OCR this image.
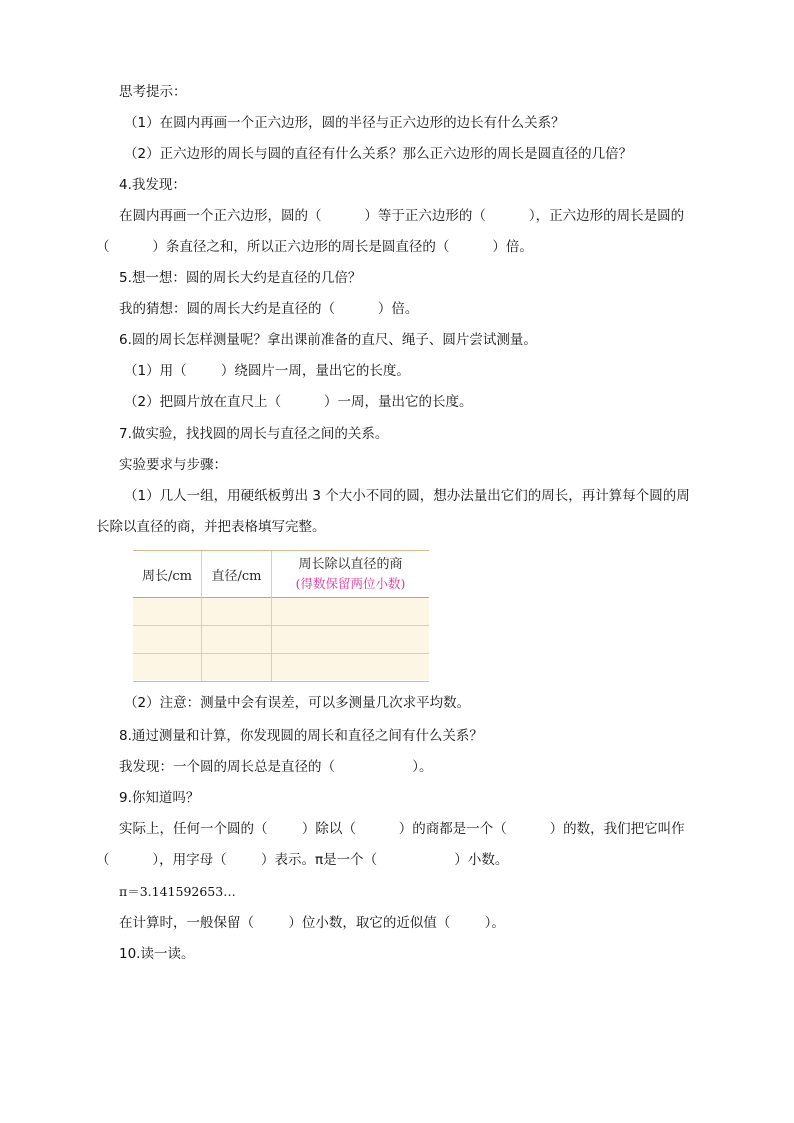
思考提示：

（1）在圆内再画一个正六边形，圆的半径与正六边形的边长有什么关系？

（2）正六边形的周长与圆的直径有什么关系？那么正六边形的周长是圆直径的几倍？

4.我发现：

在圆内再画一个正六边形，圆的（          ）等于正六边形的（          ），正六边形的周长是圆的

（          ）条直径之和，所以正六边形的周长是圆直径的（          ）倍。

5.想一想：圆的周长大约是直径的几倍？

我的猜想：圆的周长大约是直径的（          ）倍。

6.圆的周长怎样测量呢？拿出课前准备的直尺、绳子、圆片尝试测量。

（1）用（        ）绕圆片一周，量出它的长度。

（2）把圆片放在直尺上（          ）一周，量出它的长度。

7.做实验，找找圆的周长与直径之间的关系。

实验要求与步骤：

（1）几人一组，用硬纸板剪出 3 个大小不同的圆，想办法量出它们的周长，再计算每个圆的周

长除以直径的商，并把表格填写完整。

周长/cm	直径/cm
周长除以直径的商
(得数保留两位小数)

（2）注意：测量中会有误差，可以多测量几次求平均数。

8.通过测量和计算，你发现圆的周长和直径之间有什么关系？

我发现：一个圆的周长总是直径的（                  ）。

9.你知道吗？

实际上，任何一个圆的（        ）除以（          ）的商都是一个（          ）的数，我们把它叫作

（          ），用字母（        ）表示。π是一个（                  ）小数。

π＝3.141592653…

在计算时，一般保留（        ）位小数，取它的近似值（        ）。

10.读一读。
